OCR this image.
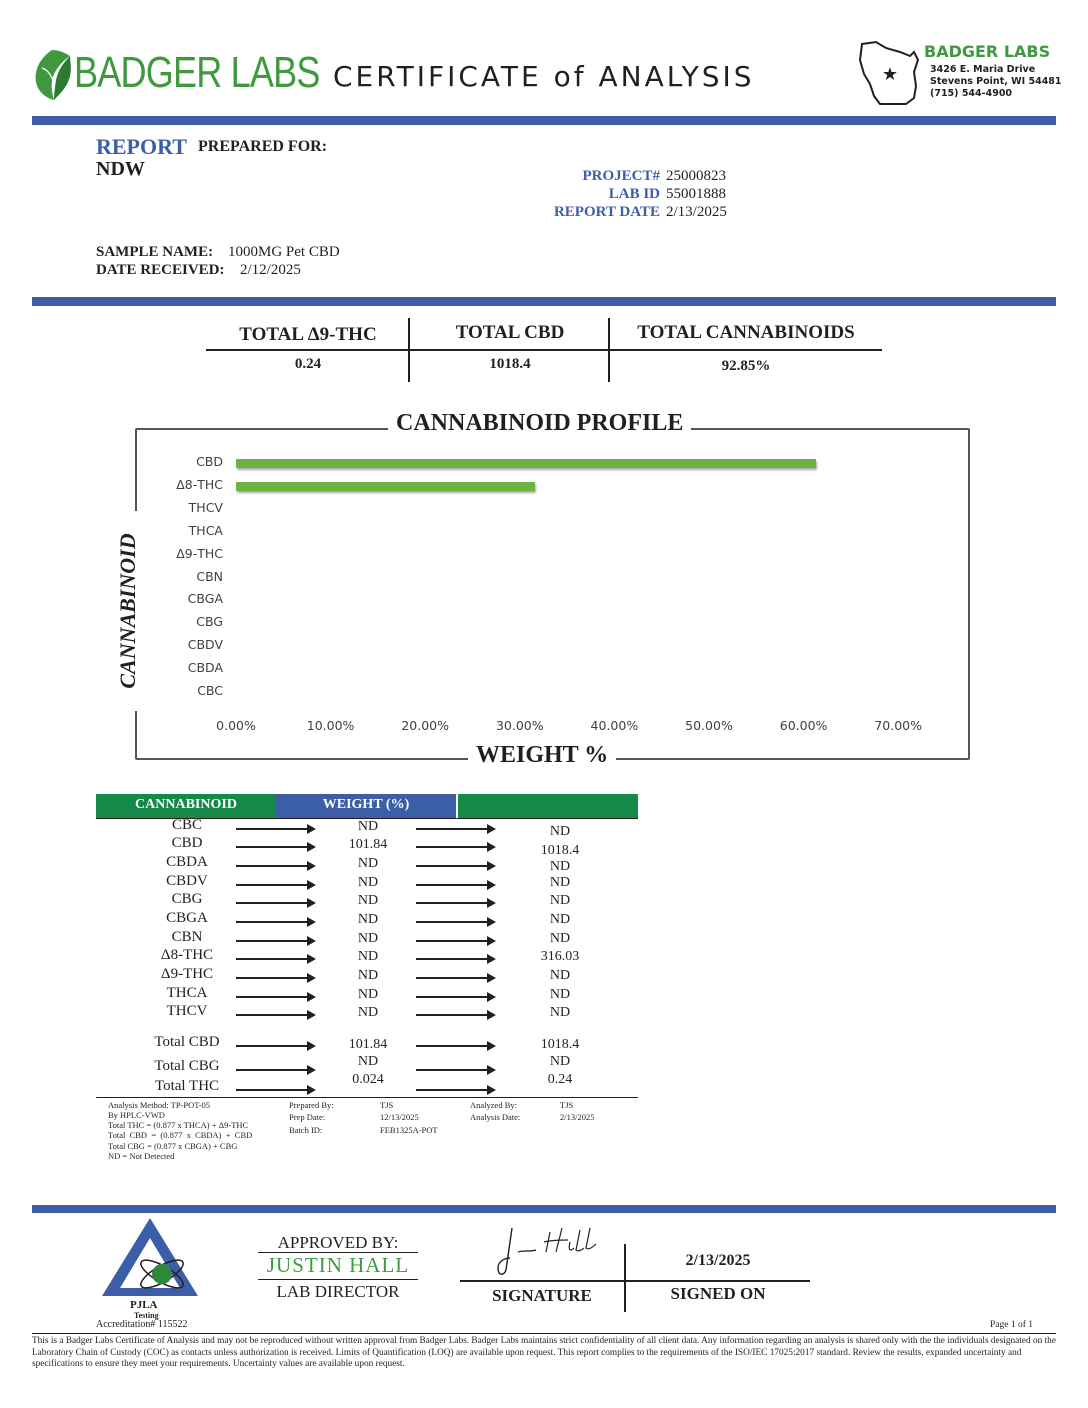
BADGER LABS CERTIFICATE of ANALYSIS	★
BADGER LABS
3426 E. Maria Drive
Stevens Point, WI 54481
(715) 544-4900
REPORT PREPARED FOR:
NDW	PROJECT# 25000823
LAB ID 55001888
REPORT DATE 2/13/2025
SAMPLE NAME: 1000MG Pet CBD
DATE RECEIVED: 2/12/2025
TOTAL Δ9-THC	TOTAL CBD	TOTAL CANNABINOIDS
0.24	1018.4	92.85%
CANNABINOID PROFILE
WEIGHT %
CANNABINOID
CBD
Δ8-THC
THCV
THCA
Δ9-THC
CBN
CBGA
CBG
CBDV
CBDA
CBC
0.00%	10.00%	20.00%	30.00%	40.00%	50.00%	60.00%	70.00%
CANNABINOID	WEIGHT (%)
CBC	ND	ND
CBD	101.84	1018.4
CBDA	ND	ND
CBDV	ND	ND
CBG	ND	ND
CBGA	ND	ND
CBN	ND	ND
Δ8-THC	ND	316.03
Δ9-THC	ND	ND
THCA	ND	ND
THCV	ND	ND
Total CBD	101.84	1018.4
Total CBG	ND	ND
Total THC	0.024	0.24
Analysis Method: TP-POT-05
By HPLC-VWD
Total THC = (0.877 x THCA) + Δ9-THC
Total  CBD  =  (0.877  x  CBDA)  +  CBD
Total CBG = (0.877 x CBGA) + CBG
ND = Not Detected
Prepared By:	TJS
Prep Date:	12/13/2025
Batch ID:	FEB1325A-POT
Analyzed By:	TJS
Analysis Date:	2/13/2025
PJLA
Testing
Accreditation# 115522
APPROVED BY:
JUSTIN HALL
LAB DIRECTOR	SIGNATURE	SIGNED ON
2/13/2025
Page 1 of 1
This is a Badger Labs Certificate of Analysis and may not be reproduced without written approval from Badger Labs. Badger Labs maintains strict confidentiality of all client data. Any information regarding an analysis is shared only with the the individuals designated on the Laboratory Chain of Custody (COC) as contacts unless authorization is received. Limits of Quantification (LOQ) are available upon request. This report complies to the requirements of the ISO/IEC 17025:2017 standard. Review the results, expanded uncertainty and specifications to ensure they meet your requirements. Uncertainty values are available upon request.
